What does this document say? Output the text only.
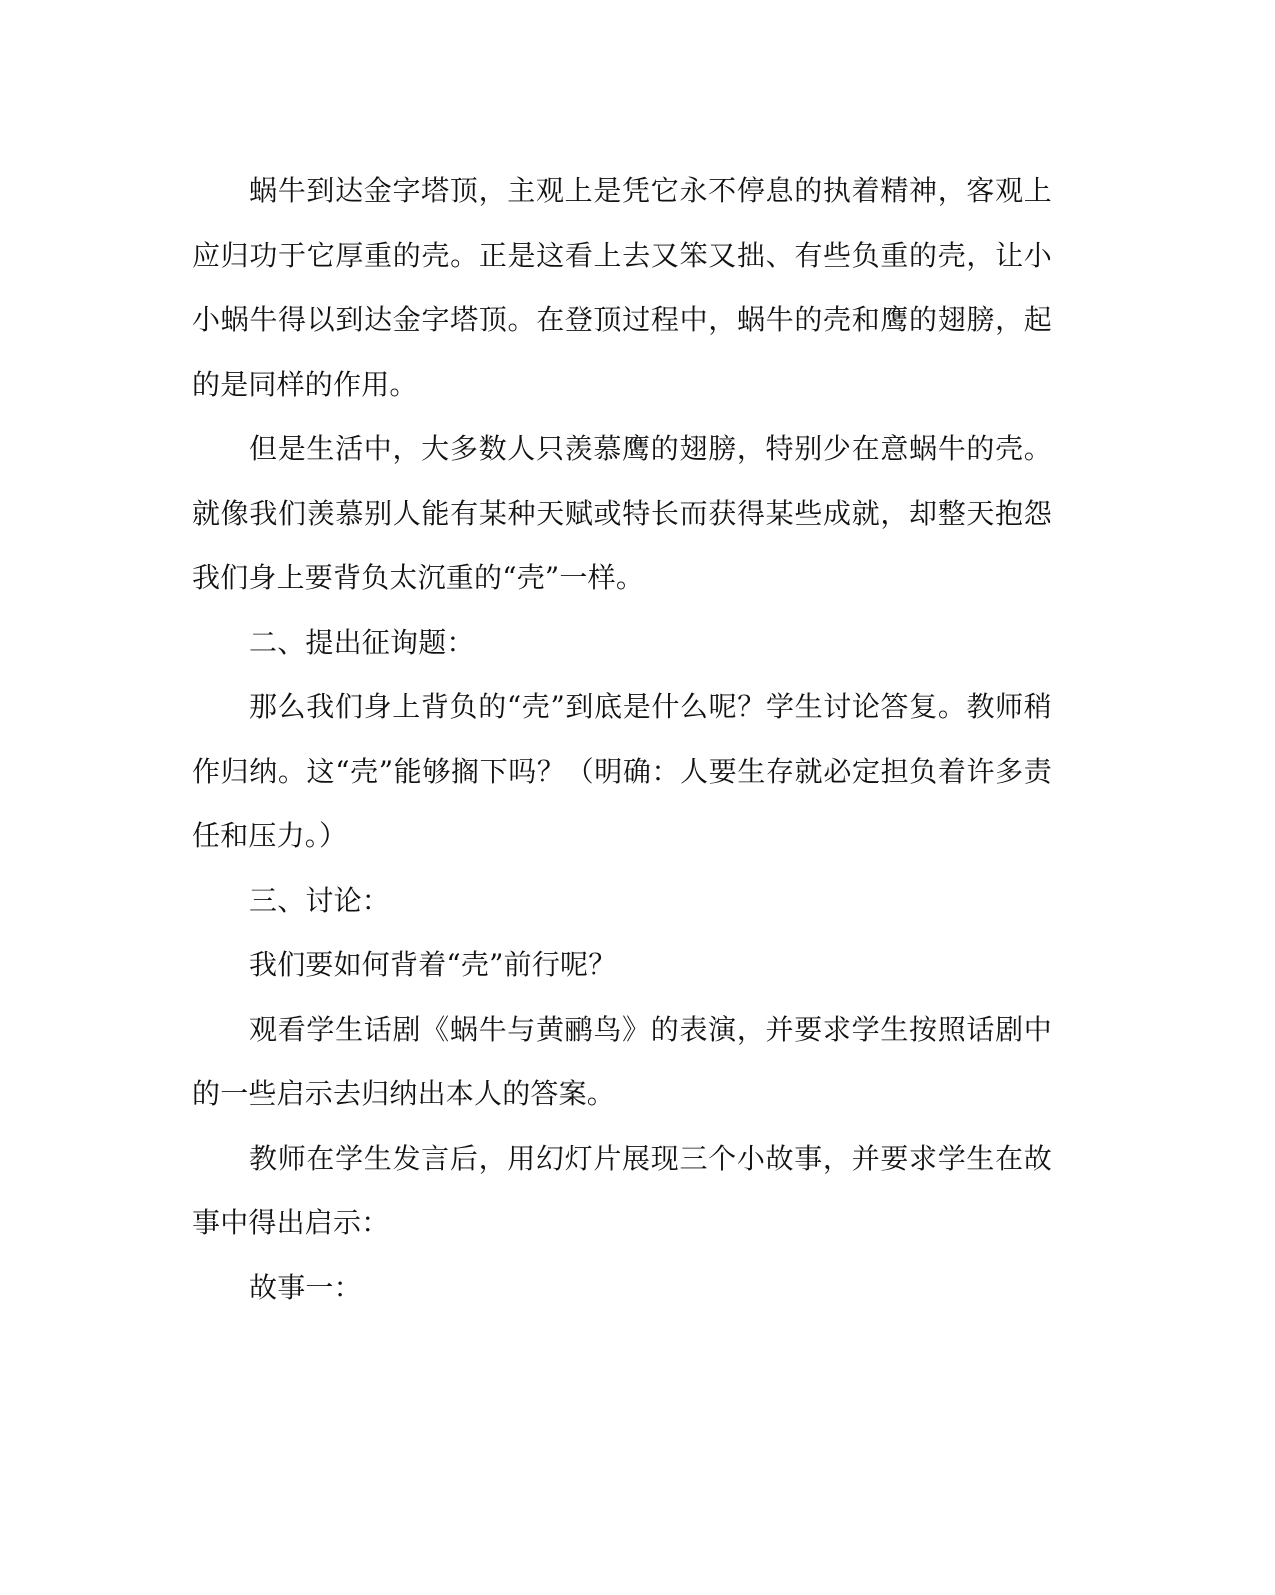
蜗牛到达金字塔顶，主观上是凭它永不停息的执着精神，客观上
应归功于它厚重的壳。正是这看上去又笨又拙、有些负重的壳，让小
小蜗牛得以到达金字塔顶。在登顶过程中，蜗牛的壳和鹰的翅膀，起
的是同样的作用。

但是生活中，大多数人只羡慕鹰的翅膀，特别少在意蜗牛的壳。
就像我们羡慕别人能有某种天赋或特长而获得某些成就，却整天抱怨
我们身上要背负太沉重的“壳”一样。

二、提出征询题：

那么我们身上背负的“壳”到底是什么呢？学生讨论答复。教师稍
作归纳。这“壳”能够搁下吗？（明确：人要生存就必定担负着许多责
任和压力。）

三、讨论：

我们要如何背着“壳”前行呢？

观看学生话剧《蜗牛与黄鹂鸟》的表演，并要求学生按照话剧中
的一些启示去归纳出本人的答案。

教师在学生发言后，用幻灯片展现三个小故事，并要求学生在故
事中得出启示：

故事一：
